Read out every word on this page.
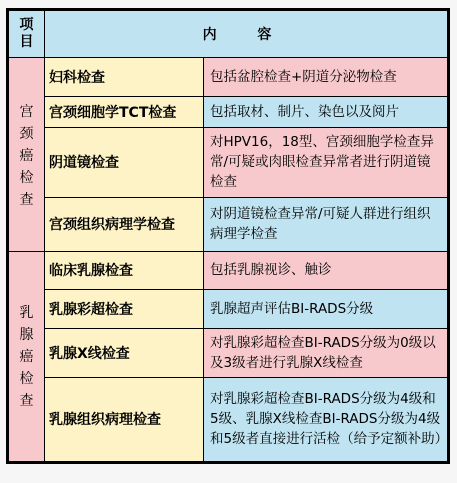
项目	内 容	

宫颈癌检查	妇科检查	包括盆腔检查+阴道分泌物检查
	宫颈细胞学TCT检查	包括取材、制片、染色以及阅片
	阴道镜检查	对HPV16，18型、宫颈细胞学检查异常/可疑或肉眼检查异常者进行阴道镜检查
	宫颈组织病理学检查	对阴道镜检查异常/可疑人群进行组织病理学检查

乳腺癌检查	临床乳腺检查	包括乳腺视诊、触诊
	乳腺彩超检查	乳腺超声评估BI-RADS分级
	乳腺X线检查	对乳腺彩超检查BI-RADS分级为0级以及3级者进行乳腺X线检查
	乳腺组织病理检查	对乳腺彩超检查BI-RADS分级为4级和5级、乳腺X线检查BI-RADS分级为4级和5级者直接进行活检（给予定额补助）
